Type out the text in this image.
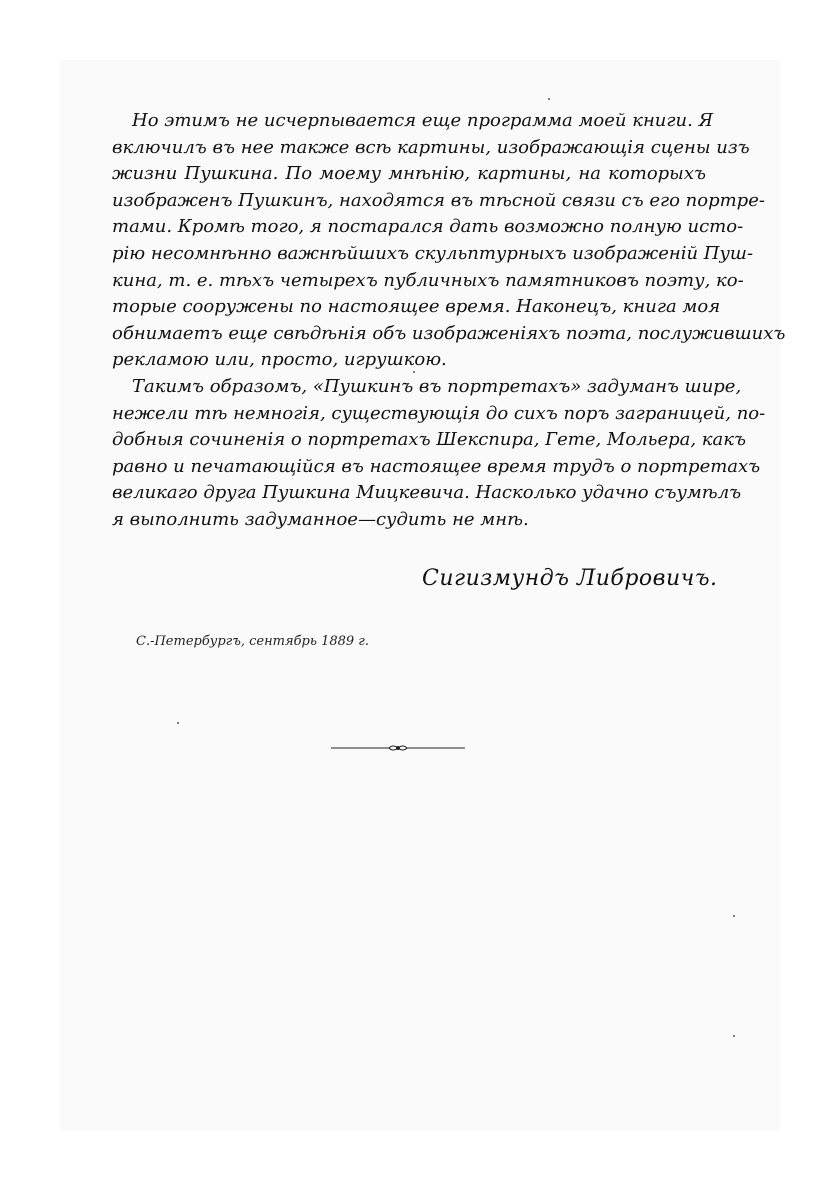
Но этимъ не исчерпывается еще программа моей книги. Я
включилъ въ нее также всѣ картины, изображающія сцены изъ
жизни Пушкина. По моему мнѣнію, картины, на которыхъ
изображенъ Пушкинъ, находятся въ тѣсной связи съ его портре-
тами. Кромѣ того, я постарался дать возможно полную исто-
рію несомнѣнно важнѣйшихъ скульптурныхъ изображеній Пуш-
кина, т. е. тѣхъ четырехъ публичныхъ памятниковъ поэту, ко-
торые сооружены по настоящее время. Наконецъ, книга моя
обнимаетъ еще свѣдѣнія объ изображеніяхъ поэта, послужившихъ
рекламою или, просто, игрушкою.
Такимъ образомъ, «Пушкинъ въ портретахъ» задуманъ шире,
нежели тѣ немногія, существующія до сихъ поръ заграницей, по-
добныя сочиненія о портретахъ Шекспира, Гете, Мольера, какъ
равно и печатающійся въ настоящее время трудъ о портретахъ
великаго друга Пушкина Мицкевича. Насколько удачно съумѣлъ
я выполнить задуманное—судить не мнѣ.
Сигизмундъ Либровичъ.
С.-Петербургъ, сентябрь 1889 г.
